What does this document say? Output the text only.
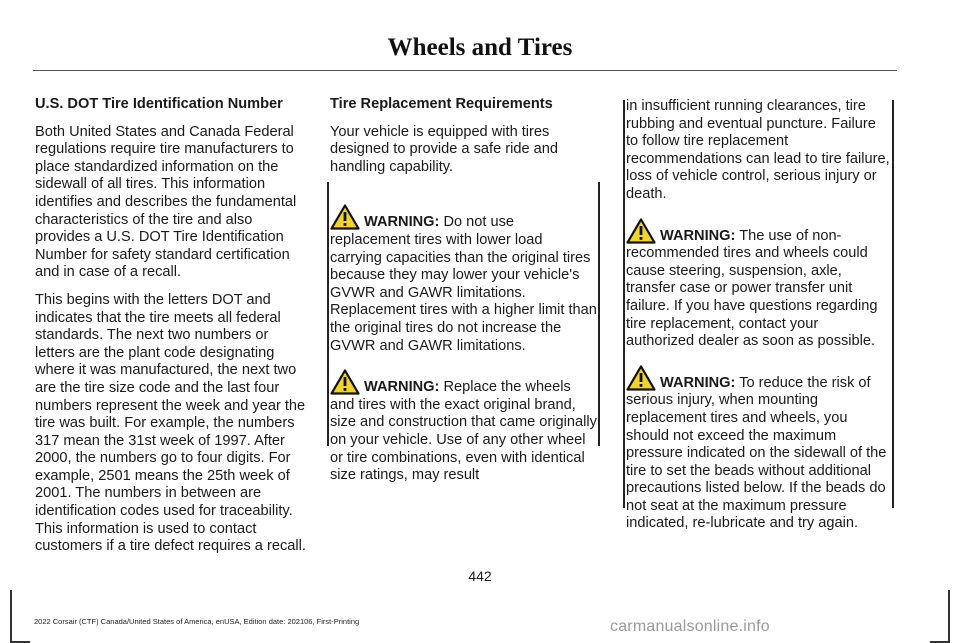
Wheels and Tires

U.S. DOT Tire Identification Number

Both United States and Canada Federal regulations require tire manufacturers to place standardized information on the sidewall of all tires. This information identifies and describes the fundamental characteristics of the tire and also provides a U.S. DOT Tire Identification Number for safety standard certification and in case of a recall.

This begins with the letters DOT and indicates that the tire meets all federal standards. The next two numbers or letters are the plant code designating where it was manufactured, the next two are the tire size code and the last four numbers represent the week and year the tire was built. For example, the numbers 317 mean the 31st week of 1997. After 2000, the numbers go to four digits. For example, 2501 means the 25th week of 2001. The numbers in between are identification codes used for traceability. This information is used to contact customers if a tire defect requires a recall.

Tire Replacement Requirements

Your vehicle is equipped with tires designed to provide a safe ride and handling capability.

WARNING: Do not use replacement tires with lower load carrying capacities than the original tires because they may lower your vehicle's GVWR and GAWR limitations. Replacement tires with a higher limit than the original tires do not increase the GVWR and GAWR limitations.

WARNING: Replace the wheels and tires with the exact original brand, size and construction that came originally on your vehicle. Use of any other wheel or tire combinations, even with identical size ratings, may result

in insufficient running clearances, tire rubbing and eventual puncture. Failure to follow tire replacement recommendations can lead to tire failure, loss of vehicle control, serious injury or death.

WARNING: The use of non-recommended tires and wheels could cause steering, suspension, axle, transfer case or power transfer unit failure. If you have questions regarding tire replacement, contact your authorized dealer as soon as possible.

WARNING: To reduce the risk of serious injury, when mounting replacement tires and wheels, you should not exceed the maximum pressure indicated on the sidewall of the tire to set the beads without additional precautions listed below. If the beads do not seat at the maximum pressure indicated, re-lubricate and try again.

442
2022 Corsair (CTF) Canada/United States of America, enUSA, Edition date: 202106, First-Printing	carmanualsonline.info
